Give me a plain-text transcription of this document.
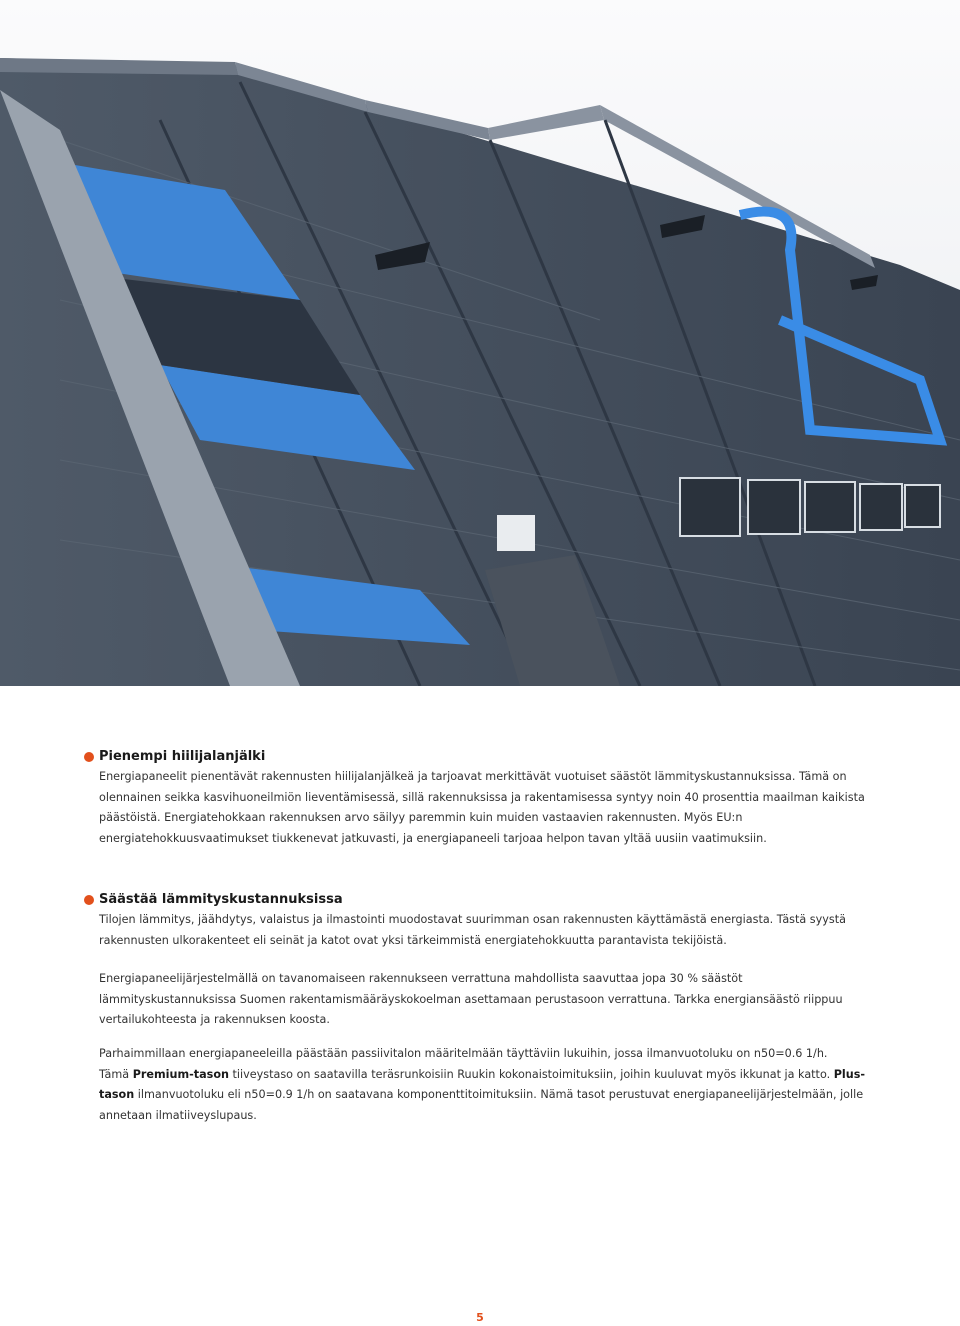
Pienempi hiilijalanjälki

Energiapaneelit pienentävät rakennusten hiilijalanjälkeä ja tarjoavat merkittävät vuotuiset säästöt lämmityskustannuksissa. Tämä on olennainen seikka kasvihuoneilmiön lieventämisessä, sillä rakennuksissa ja rakentamisessa syntyy noin 40 prosenttia maailman kaikista päästöistä. Energiatehokkaan rakennuksen arvo säilyy paremmin kuin muiden vastaavien rakennusten. Myös EU:n energiatehokkuusvaatimukset tiukkenevat jatkuvasti, ja energiapaneeli tarjoaa helpon tavan yltää uusiin vaatimuksiin.

Säästää lämmityskustannuksissa

Tilojen lämmitys, jäähdytys, valaistus ja ilmastointi muodostavat suurimman osan rakennusten käyttämästä energiasta. Tästä syystä rakennusten ulkorakenteet eli seinät ja katot ovat yksi tärkeimmistä energiatehokkuutta parantavista tekijöistä.

Energiapaneelijärjestelmällä on tavanomaiseen rakennukseen verrattuna mahdollista saavuttaa jopa 30 % säästöt lämmityskustannuksissa Suomen rakentamismääräyskokoelman asettamaan perustasoon verrattuna. Tarkka energiansäästö riippuu vertailukohteesta ja rakennuksen koosta.

Parhaimmillaan energiapaneeleilla päästään passiivitalon määritelmään täyttäviin lukuihin, jossa ilmanvuotoluku on n50=0.6 1/h.

Tämä Premium-tason tiiveystaso on saatavilla teräsrunkoisiin Ruukin kokonaistoimituksiin, joihin kuuluvat myös ikkunat ja katto. Plus-tason ilmanvuotoluku eli n50=0.9 1/h on saatavana komponenttitoimituksiin. Nämä tasot perustuvat energiapaneelijärjestelmään, jolle annetaan ilmatiiveyslupaus.

5
